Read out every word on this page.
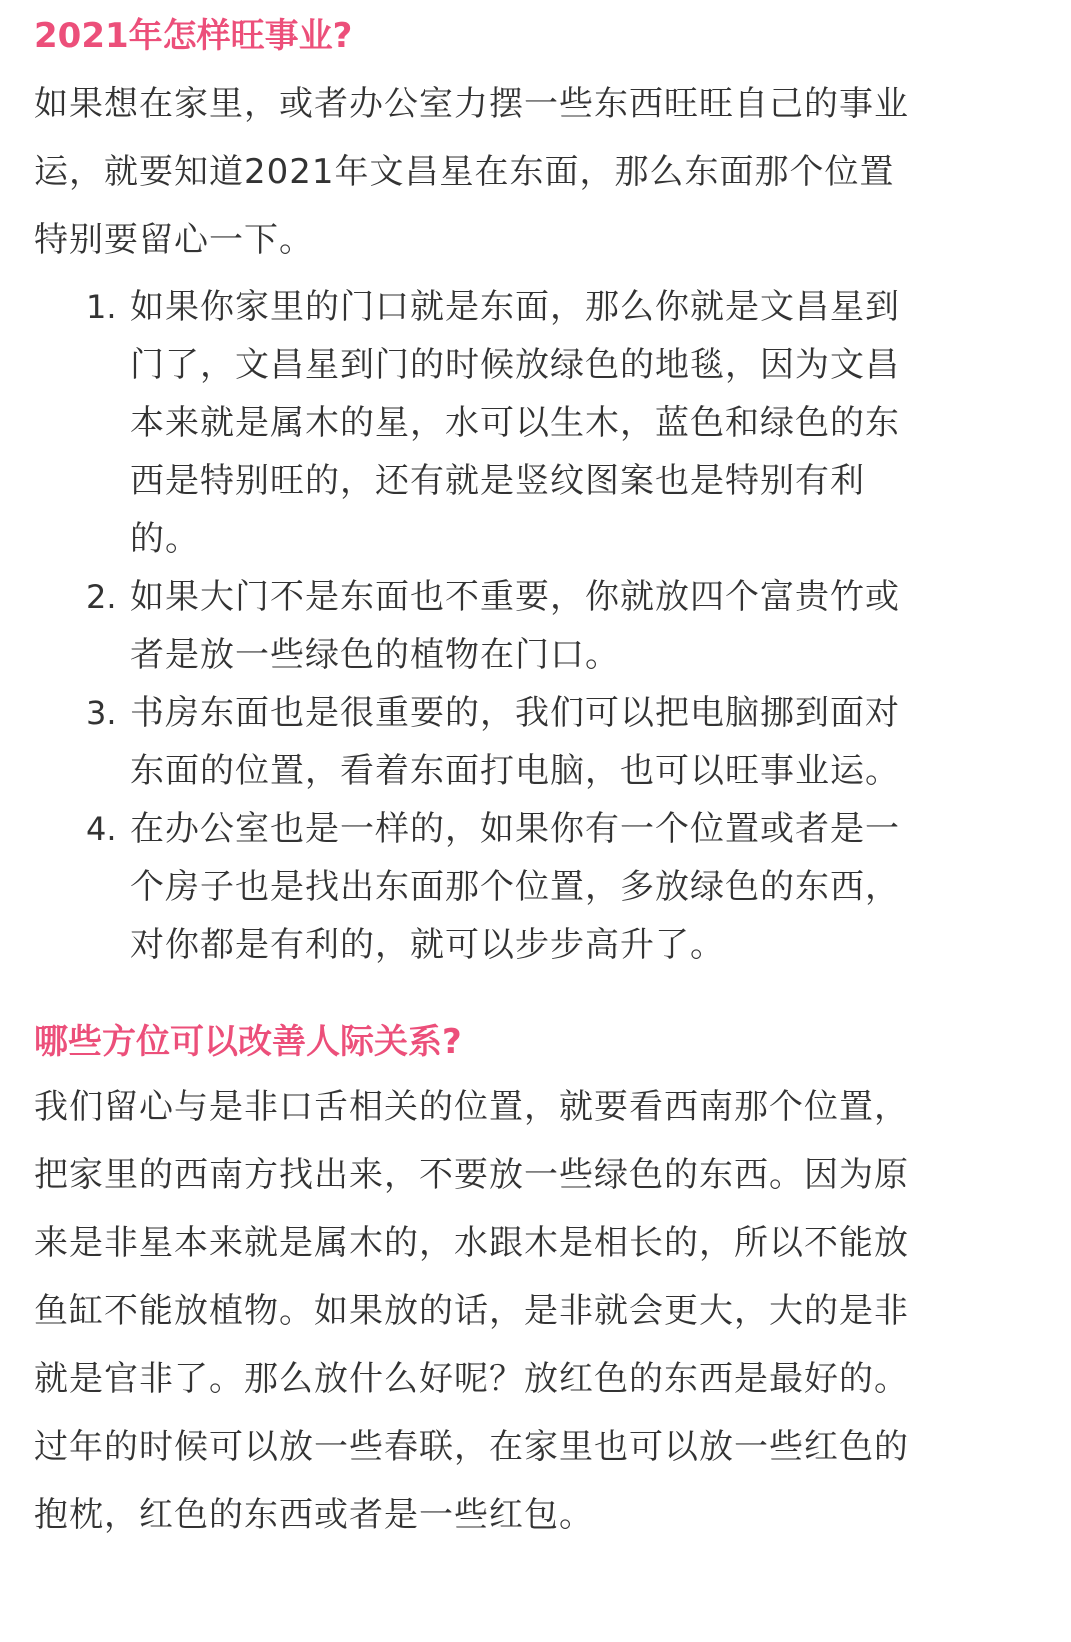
2021年怎样旺事业?
如果想在家里，或者办公室力摆一些东西旺旺自己的事业
运，就要知道2021年文昌星在东面，那么东面那个位置
特别要留心一下。
1. 如果你家里的门口就是东面，那么你就是文昌星到
门了，文昌星到门的时候放绿色的地毯，因为文昌
本来就是属木的星，水可以生木，蓝色和绿色的东
西是特别旺的，还有就是竖纹图案也是特别有利
的。
2. 如果大门不是东面也不重要，你就放四个富贵竹或
者是放一些绿色的植物在门口。
3. 书房东面也是很重要的，我们可以把电脑挪到面对
东面的位置，看着东面打电脑，也可以旺事业运。
4. 在办公室也是一样的，如果你有一个位置或者是一
个房子也是找出东面那个位置，多放绿色的东西，
对你都是有利的，就可以步步高升了。
哪些方位可以改善人际关系?
我们留心与是非口舌相关的位置，就要看西南那个位置，
把家里的西南方找出来，不要放一些绿色的东西。因为原
来是非星本来就是属木的，水跟木是相长的，所以不能放
鱼缸不能放植物。如果放的话，是非就会更大，大的是非
就是官非了。那么放什么好呢？放红色的东西是最好的。
过年的时候可以放一些春联，在家里也可以放一些红色的
抱枕，红色的东西或者是一些红包。
